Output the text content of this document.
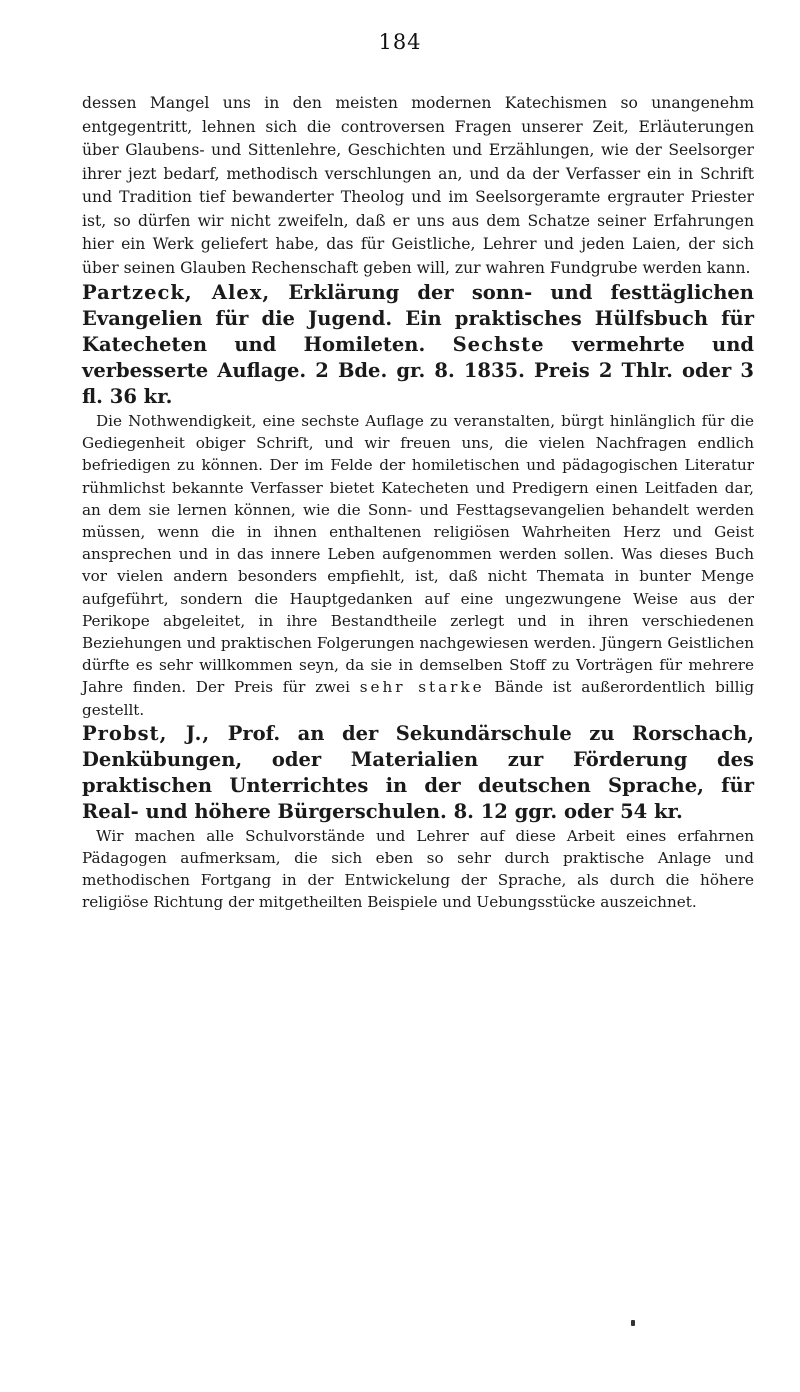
184

dessen Mangel uns in den meisten modernen Katechismen so unangenehm entgegentritt, lehnen sich die controversen Fragen unserer Zeit, Erläuterungen über Glaubens- und Sittenlehre, Geschichten und Erzählungen, wie der Seelsorger ihrer jezt bedarf, methodisch verschlungen an, und da der Verfasser ein in Schrift und Tradition tief bewanderter Theolog und im Seelsorgeramte ergrauter Priester ist, so dürfen wir nicht zweifeln, daß er uns aus dem Schatze seiner Erfahrungen hier ein Werk geliefert habe, das für Geistliche, Lehrer und jeden Laien, der sich über seinen Glauben Rechenschaft geben will, zur wahren Fundgrube werden kann.

Partzeck, Alex, Erklärung der sonn- und festtäglichen Evangelien für die Jugend. Ein praktisches Hülfsbuch für Katecheten und Homileten. Sechste vermehrte und verbesserte Auflage. 2 Bde. gr. 8. 1835. Preis 2 Thlr. oder 3 fl. 36 kr.

Die Nothwendigkeit, eine sechste Auflage zu veranstalten, bürgt hinlänglich für die Gediegenheit obiger Schrift, und wir freuen uns, die vielen Nachfragen endlich befriedigen zu können. Der im Felde der homiletischen und pädagogischen Literatur rühmlichst bekannte Verfasser bietet Katecheten und Predigern einen Leitfaden dar, an dem sie lernen können, wie die Sonn- und Festtagsevangelien behandelt werden müssen, wenn die in ihnen enthaltenen religiösen Wahrheiten Herz und Geist ansprechen und in das innere Leben aufgenommen werden sollen. Was dieses Buch vor vielen andern besonders empfiehlt, ist, daß nicht Themata in bunter Menge aufgeführt, sondern die Hauptgedanken auf eine ungezwungene Weise aus der Perikope abgeleitet, in ihre Bestandtheile zerlegt und in ihren verschiedenen Beziehungen und praktischen Folgerungen nachgewiesen werden. Jüngern Geistlichen dürfte es sehr willkommen seyn, da sie in demselben Stoff zu Vorträgen für mehrere Jahre finden. Der Preis für zwei sehr starke Bände ist außerordentlich billig gestellt.

Probst, J., Prof. an der Sekundärschule zu Rorschach, Denkübungen, oder Materialien zur Förderung des praktischen Unterrichtes in der deutschen Sprache, für Real- und höhere Bürgerschulen. 8. 12 ggr. oder 54 kr.

Wir machen alle Schulvorstände und Lehrer auf diese Arbeit eines erfahrnen Pädagogen aufmerksam, die sich eben so sehr durch praktische Anlage und methodischen Fortgang in der Entwickelung der Sprache, als durch die höhere religiöse Richtung der mitgetheilten Beispiele und Uebungsstücke auszeichnet.
